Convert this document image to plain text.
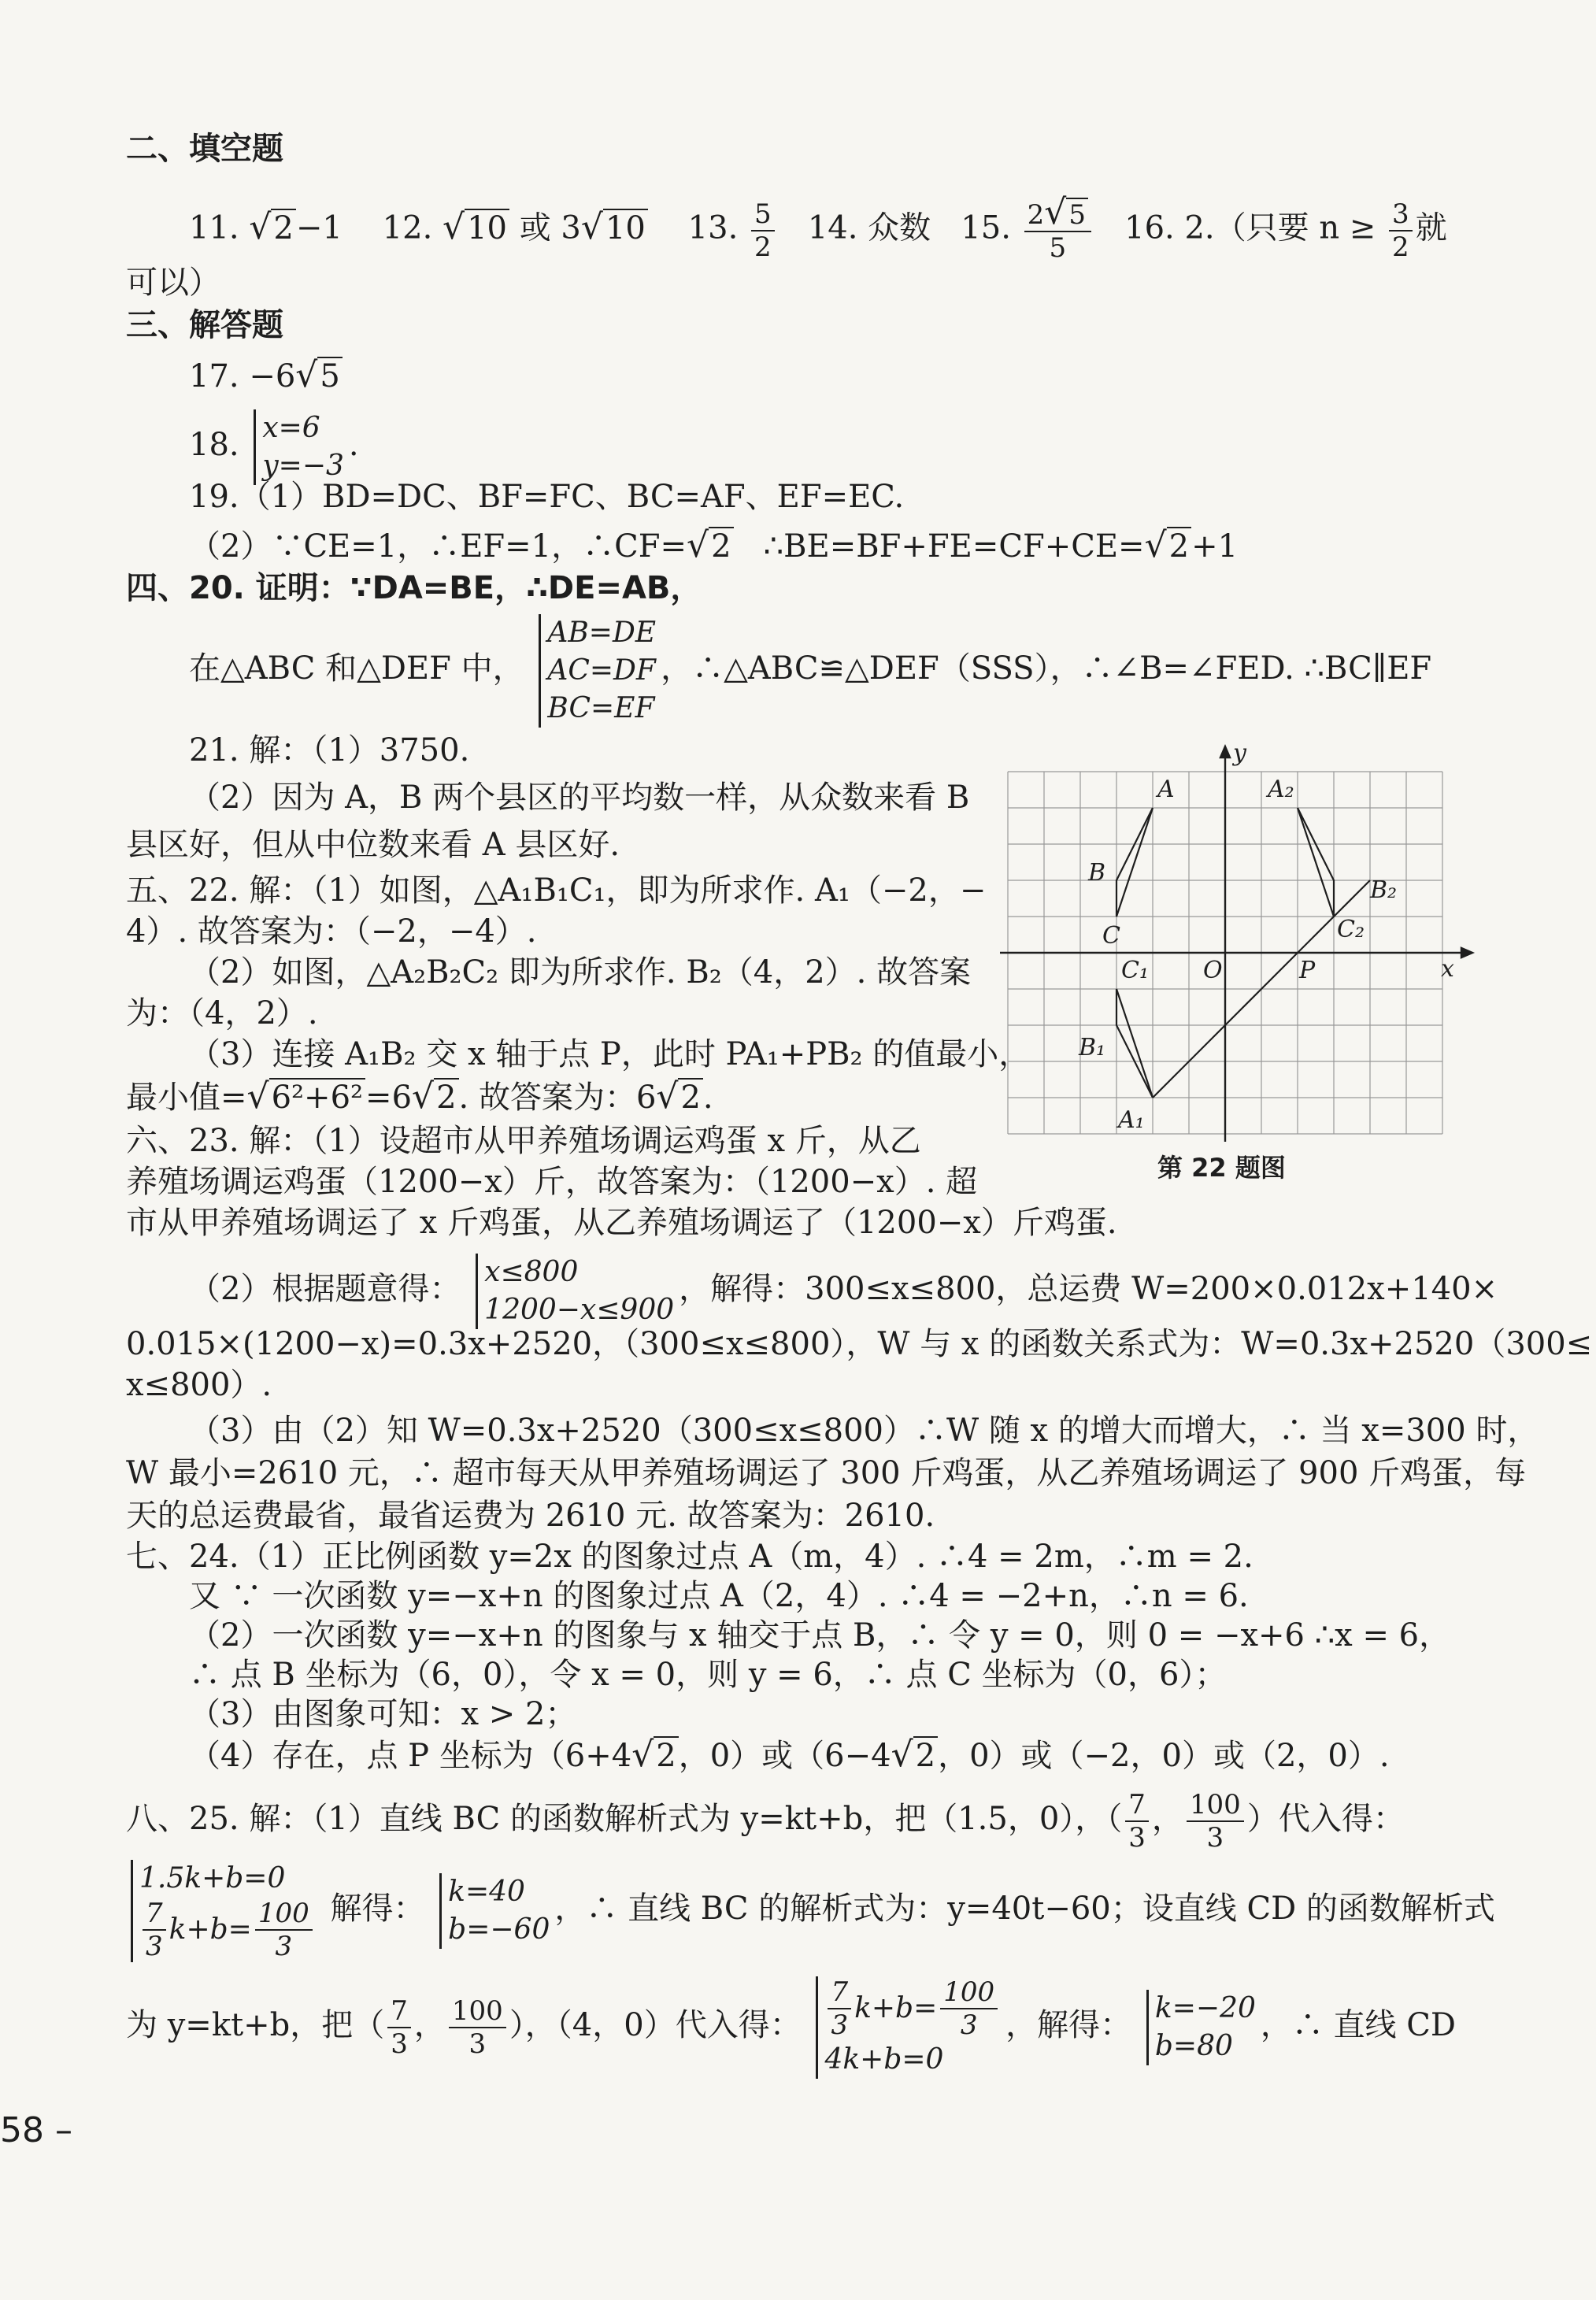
二、填空题
11. √2−1 12. √10 或 3√10 13. $\frac{5}{2} 14$. 众数 15. $\frac{2√5}{5} 16$. 2.（只要 $n \ge \frac{3}{2}$ 就
可以）
三、解答题
17. −6√5
18. x=6
y=−3
.
19.（1）BD=DC、BF=FC、BC=AF、EF=EC.
（2）∵CE=1，∴EF=1，∴CF=√2 ∴BE=BF+FE=CF+CE=√2+1
四、20. 证明：∵DA=BE，∴DE=AB，
在△ABC 和△DEF 中，
AB=DE
AC=DF
BC=EF
，∴△ABC≌△DEF（SSS），∴∠B=∠FED. ∴BC∥EF
21. 解：（1）3750.
（2）因为 A，B 两个县区的平均数一样，从众数来看 B
县区好，但从中位数来看 A 县区好.
五、22. 解：（1）如图，△A₁B₁C₁，即为所求作. A₁（−2，−
4）. 故答案为：（−2，−4）.
（2）如图，△A₂B₂C₂ 即为所求作. B₂（4，2）. 故答案
为：（4，2）.
（3）连接 A₁B₂ 交 x 轴于点 P，此时 PA₁+PB₂ 的值最小，
最小值=√6²+6²=6√2. 故答案为：6√2.
x
y
O
A
B
C
C₁
B₁
A₁
A₂
B₂
C₂
P
第 22 题图
六、23. 解：（1）设超市从甲养殖场调运鸡蛋 x 斤，从乙
养殖场调运鸡蛋（1200−x）斤，故答案为：（1200−x）. 超
市从甲养殖场调运了 x 斤鸡蛋，从乙养殖场调运了（1200−x）斤鸡蛋.
（2）根据题意得： x≤800
1200−x≤900
，解得：300≤x≤800，总运费 W=200×0.012x+140×
0.015×(1200−x)=0.3x+2520，（300≤x≤800），W 与 x 的函数关系式为：W=0.3x+2520（300≤
x≤800）.
（3）由（2）知 W=0.3x+2520（300≤x≤800）∴W 随 x 的增大而增大，∴ 当 x=300 时，
W 最小=2610 元，∴ 超市每天从甲养殖场调运了 300 斤鸡蛋，从乙养殖场调运了 900 斤鸡蛋，每
天的总运费最省，最省运费为 2610 元. 故答案为：2610.
七、24.（1）正比例函数 y=2x 的图象过点 A（m，4）. ∴4 = 2m，∴m = 2.
又 ∵ 一次函数 y=−x+n 的图象过点 A（2，4）. ∴4 = −2+n，∴n = 6.
（2）一次函数 y=−x+n 的图象与 x 轴交于点 B，∴ 令 y = 0，则 0 = −x+6 ∴x = 6，
∴ 点 B 坐标为（6，0），令 x = 0，则 y = 6，∴ 点 C 坐标为（0，6）；
（3）由图象可知：x > 2；
（4）存在，点 P 坐标为（6+4√2，0）或（6−4√2，0）或（−2，0）或（2，0）.
八、25. 解：（1）直线 BC 的函数解析式为 y=kt+b，把（1.5，0），（ $\frac{7}{3}$ ， $\frac{100}{3}$ ）代入得：
1.5k+b=0
$\frac{7}{3} k+b= \frac{100}{3}$ 解得： k=40
b=−60
，∴ 直线 BC 的解析式为：y=40t−60；设直线 CD 的函数解析式
为 y=kt+b，把（ $\frac{7}{3}$ ， $\frac{100}{3}$ ），（4，0）代入得： $\frac{7}{3} k+b= \frac{100}{3}$
4k+b=0
，解得： k=−20
b=80
，∴ 直线 CD
58 –
